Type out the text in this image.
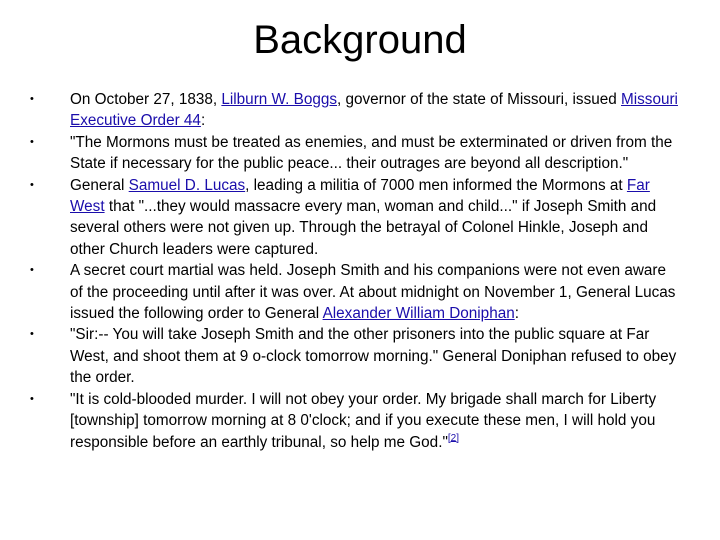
Background
• On October 27, 1838, Lilburn W. Boggs, governor of the state of Missouri, issued Missouri Executive Order 44:
• "The Mormons must be treated as enemies, and must be exterminated or driven from the State if necessary for the public peace... their outrages are beyond all description."
• General Samuel D. Lucas, leading a militia of 7000 men informed the Mormons at Far West that "...they would massacre every man, woman and child..." if Joseph Smith and several others were not given up. Through the betrayal of Colonel Hinkle, Joseph and other Church leaders were captured.
• A secret court martial was held. Joseph Smith and his companions were not even aware of the proceeding until after it was over. At about midnight on November 1, General Lucas issued the following order to General Alexander William Doniphan:
• "Sir:-- You will take Joseph Smith and the other prisoners into the public square at Far West, and shoot them at 9 o-clock tomorrow morning." General Doniphan refused to obey the order.
• "It is cold-blooded murder. I will not obey your order. My brigade shall march for Liberty [township] tomorrow morning at 8 0'clock; and if you execute these men, I will hold you responsible before an earthly tribunal, so help me God."[2]
